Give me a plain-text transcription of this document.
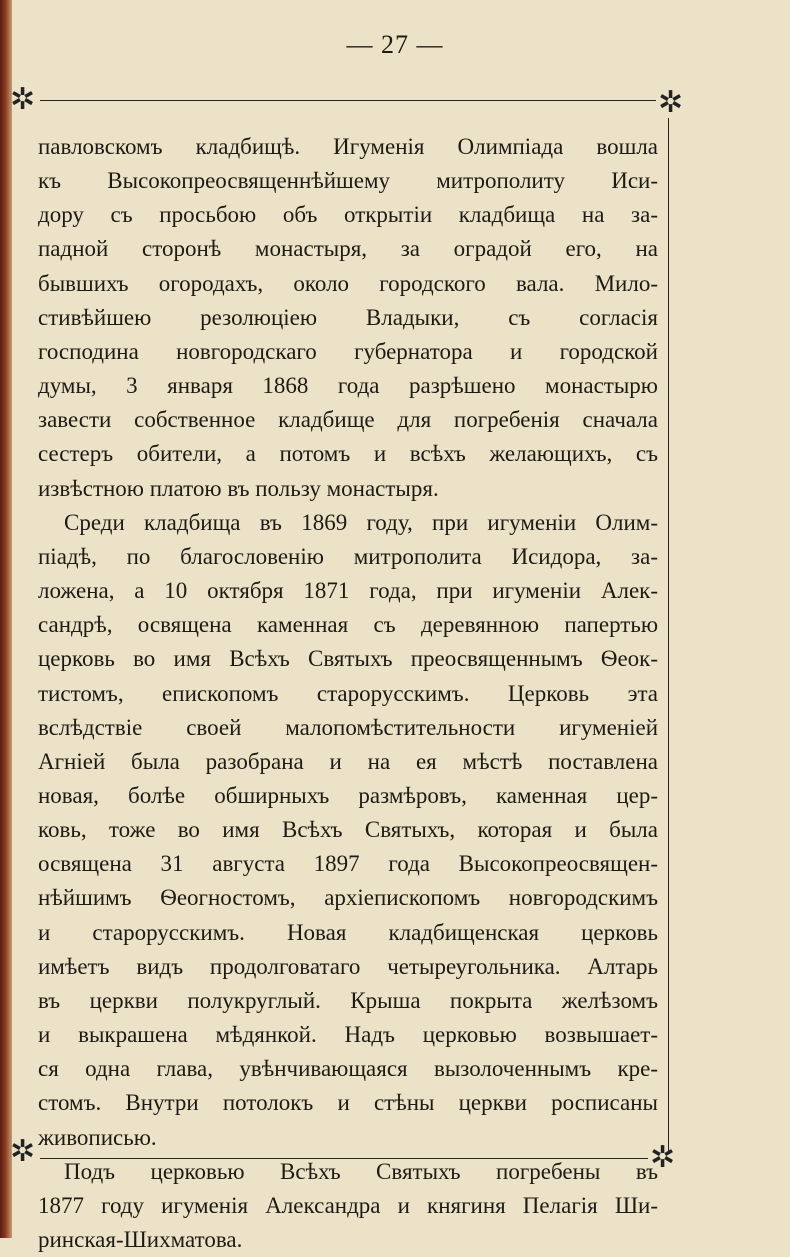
— 27 —
✲	✲
павловскомъ кладбищѣ. Игуменія Олимпіада вошла
къ Высокопреосвященнѣйшему митрополиту Иси-
дору съ просьбою объ открытіи кладбища на за-
падной сторонѣ монастыря, за оградой его, на
бывшихъ огородахъ, около городского вала. Мило-
стивѣйшею резолюціею Владыки, съ согласія
господина новгородскаго губернатора и городской
думы, 3 января 1868 года разрѣшено монастырю
завести собственное кладбище для погребенія сначала
сестеръ обители, а потомъ и всѣхъ желающихъ, съ
извѣстною платою въ пользу монастыря.
Среди кладбища въ 1869 году, при игуменіи Олим-
піадѣ, по благословенію митрополита Исидора, за-
ложена, а 10 октября 1871 года, при игуменіи Алек-
сандрѣ, освящена каменная съ деревянною папертью
церковь во имя Всѣхъ Святыхъ преосвященнымъ Ѳеок-
тистомъ, епископомъ старорусскимъ. Церковь эта
вслѣдствіе своей малопомѣстительности игуменіей
Агніей была разобрана и на ея мѣстѣ поставлена
новая, болѣе обширныхъ размѣровъ, каменная цер-
ковь, тоже во имя Всѣхъ Святыхъ, которая и была
освящена 31 августа 1897 года Высокопреосвящен-
нѣйшимъ Ѳеогностомъ, архіепископомъ новгородскимъ
и старорусскимъ. Новая кладбищенская церковь
имѣетъ видъ продолговатаго четыреугольника. Алтарь
въ церкви полукруглый. Крыша покрыта желѣзомъ
и выкрашена мѣдянкой. Надъ церковью возвышает-
ся одна глава, увѣнчивающаяся вызолоченнымъ кре-
стомъ. Внутри потолокъ и стѣны церкви росписаны
живописью.
Подъ церковью Всѣхъ Святыхъ погребены въ
1877 году игуменія Александра и княгиня Пелагія Ши-
ринская-Шихматова.
✲	✲
